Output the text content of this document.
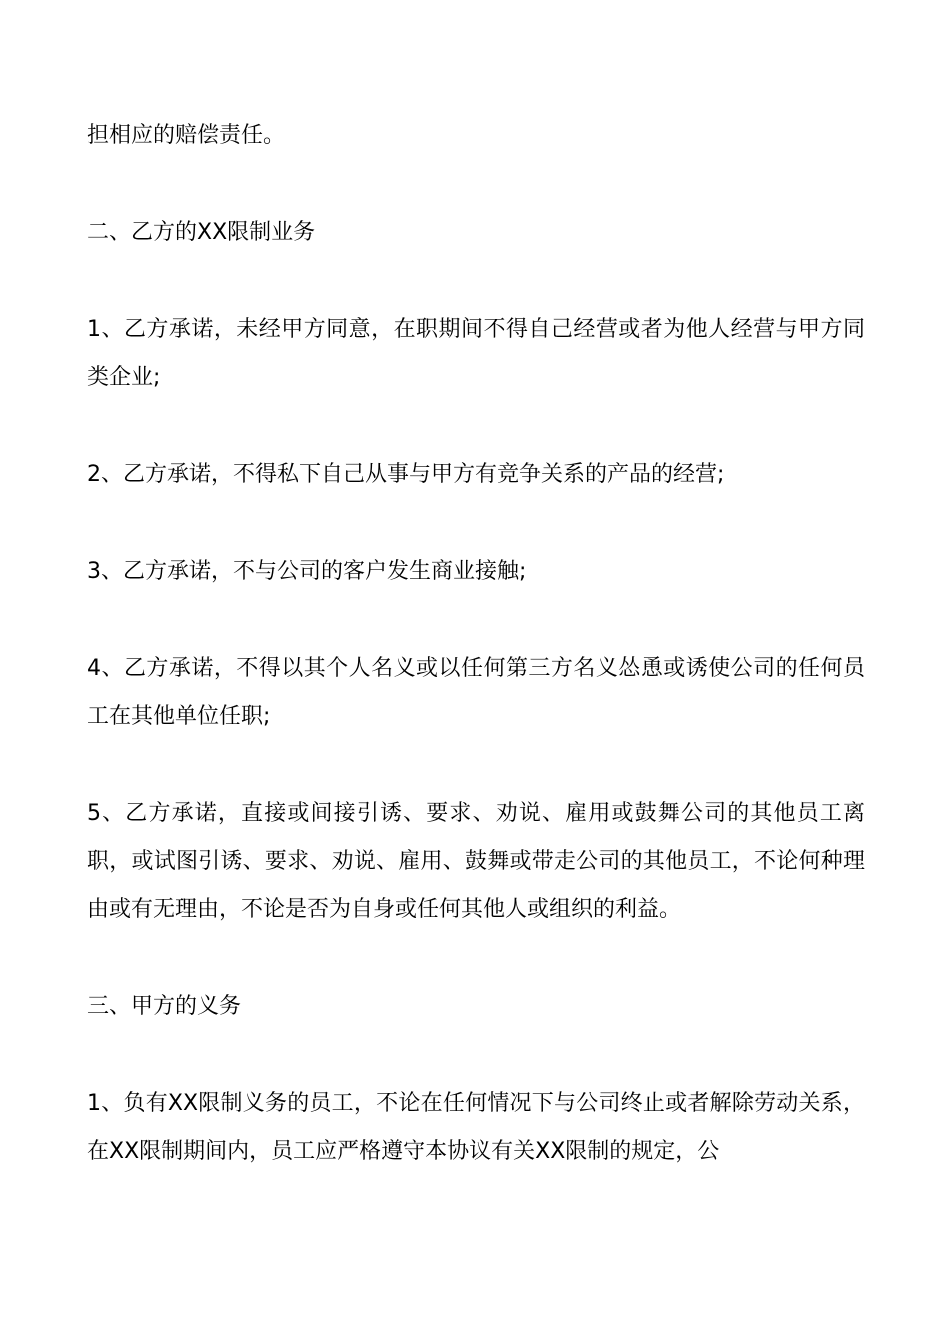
担相应的赔偿责任。

二、乙方的XX限制业务

1、乙方承诺，未经甲方同意，在职期间不得自己经营或者为他人经营与甲方同类企业;

2、乙方承诺，不得私下自己从事与甲方有竞争关系的产品的经营;

3、乙方承诺，不与公司的客户发生商业接触;

4、乙方承诺，不得以其个人名义或以任何第三方名义怂恿或诱使公司的任何员工在其他单位任职;

5、乙方承诺，直接或间接引诱、要求、劝说、雇用或鼓舞公司的其他员工离职，或试图引诱、要求、劝说、雇用、鼓舞或带走公司的其他员工，不论何种理由或有无理由，不论是否为自身或任何其他人或组织的利益。

三、甲方的义务

1、负有XX限制义务的员工，不论在任何情况下与公司终止或者解除劳动关系，在XX限制期间内，员工应严格遵守本协议有关XX限制的规定，公
